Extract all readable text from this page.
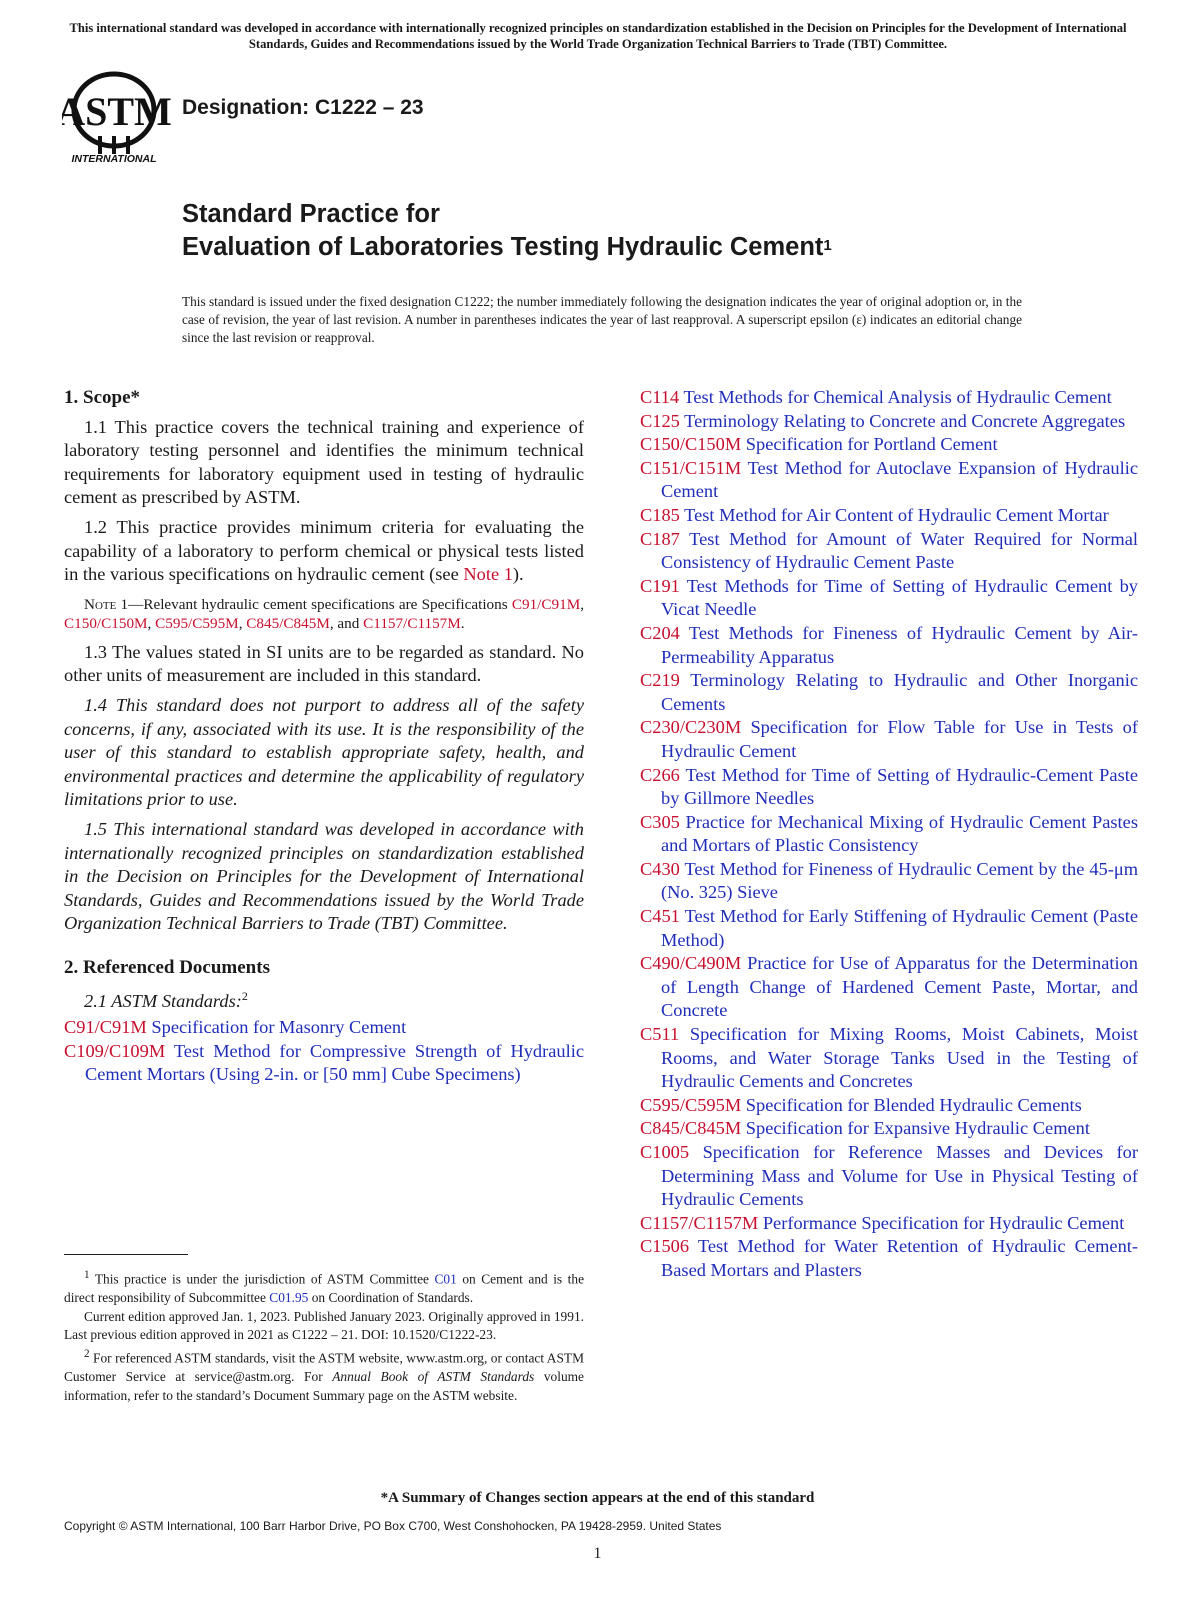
This international standard was developed in accordance with internationally recognized principles on standardization established in the Decision on Principles for the Development of International Standards, Guides and Recommendations issued by the World Trade Organization Technical Barriers to Trade (TBT) Committee.
ASTM
INTERNATIONAL
Designation: C1222 – 23
Standard Practice for
Evaluation of Laboratories Testing Hydraulic Cement$^1$
This standard is issued under the fixed designation C1222; the number immediately following the designation indicates the year of original adoption or, in the case of revision, the year of last revision. A number in parentheses indicates the year of last reapproval. A superscript epsilon (ε) indicates an editorial change since the last revision or reapproval.
1. Scope*

1.1 This practice covers the technical training and experience of laboratory testing personnel and identifies the minimum technical requirements for laboratory equipment used in testing of hydraulic cement as prescribed by ASTM.

1.2 This practice provides minimum criteria for evaluating the capability of a laboratory to perform chemical or physical tests listed in the various specifications on hydraulic cement (see Note 1).

Note 1—Relevant hydraulic cement specifications are Specifications C91/C91M, C150/C150M, C595/C595M, C845/C845M, and C1157/C1157M.

1.3 The values stated in SI units are to be regarded as standard. No other units of measurement are included in this standard.

1.4 This standard does not purport to address all of the safety concerns, if any, associated with its use. It is the responsibility of the user of this standard to establish appropriate safety, health, and environmental practices and determine the applicability of regulatory limitations prior to use.

1.5 This international standard was developed in accordance with internationally recognized principles on standardization established in the Decision on Principles for the Development of International Standards, Guides and Recommendations issued by the World Trade Organization Technical Barriers to Trade (TBT) Committee.

2. Referenced Documents
2.1 ASTM Standards:$^2$

C91/C91M Specification for Masonry Cement

C109/C109M Test Method for Compressive Strength of Hydraulic Cement Mortars (Using 2-in. or [50 mm] Cube Specimens)

C114 Test Methods for Chemical Analysis of Hydraulic Cement

C125 Terminology Relating to Concrete and Concrete Aggregates

C150/C150M Specification for Portland Cement

C151/C151M Test Method for Autoclave Expansion of Hydraulic Cement

C185 Test Method for Air Content of Hydraulic Cement Mortar

C187 Test Method for Amount of Water Required for Normal Consistency of Hydraulic Cement Paste

C191 Test Methods for Time of Setting of Hydraulic Cement by Vicat Needle

C204 Test Methods for Fineness of Hydraulic Cement by Air-Permeability Apparatus

C219 Terminology Relating to Hydraulic and Other Inorganic Cements

C230/C230M Specification for Flow Table for Use in Tests of Hydraulic Cement

C266 Test Method for Time of Setting of Hydraulic-Cement Paste by Gillmore Needles

C305 Practice for Mechanical Mixing of Hydraulic Cement Pastes and Mortars of Plastic Consistency

C430 Test Method for Fineness of Hydraulic Cement by the 45-μm (No. 325) Sieve

C451 Test Method for Early Stiffening of Hydraulic Cement (Paste Method)

C490/C490M Practice for Use of Apparatus for the Determination of Length Change of Hardened Cement Paste, Mortar, and Concrete

C511 Specification for Mixing Rooms, Moist Cabinets, Moist Rooms, and Water Storage Tanks Used in the Testing of Hydraulic Cements and Concretes

C595/C595M Specification for Blended Hydraulic Cements

C845/C845M Specification for Expansive Hydraulic Cement

C1005 Specification for Reference Masses and Devices for Determining Mass and Volume for Use in Physical Testing of Hydraulic Cements

C1157/C1157M Performance Specification for Hydraulic Cement

C1506 Test Method for Water Retention of Hydraulic Cement-Based Mortars and Plasters

$^1$ This practice is under the jurisdiction of ASTM Committee C01 on Cement and is the direct responsibility of Subcommittee C01.95 on Coordination of Standards.

Current edition approved Jan. 1, 2023. Published January 2023. Originally approved in 1991. Last previous edition approved in 2021 as C1222 – 21. DOI: 10.1520/C1222-23.

$^2$ For referenced ASTM standards, visit the ASTM website, www.astm.org, or contact ASTM Customer Service at service@astm.org. For Annual Book of ASTM Standards volume information, refer to the standard’s Document Summary page on the ASTM website.

*A Summary of Changes section appears at the end of this standard
Copyright © ASTM International, 100 Barr Harbor Drive, PO Box C700, West Conshohocken, PA 19428-2959. United States
1
